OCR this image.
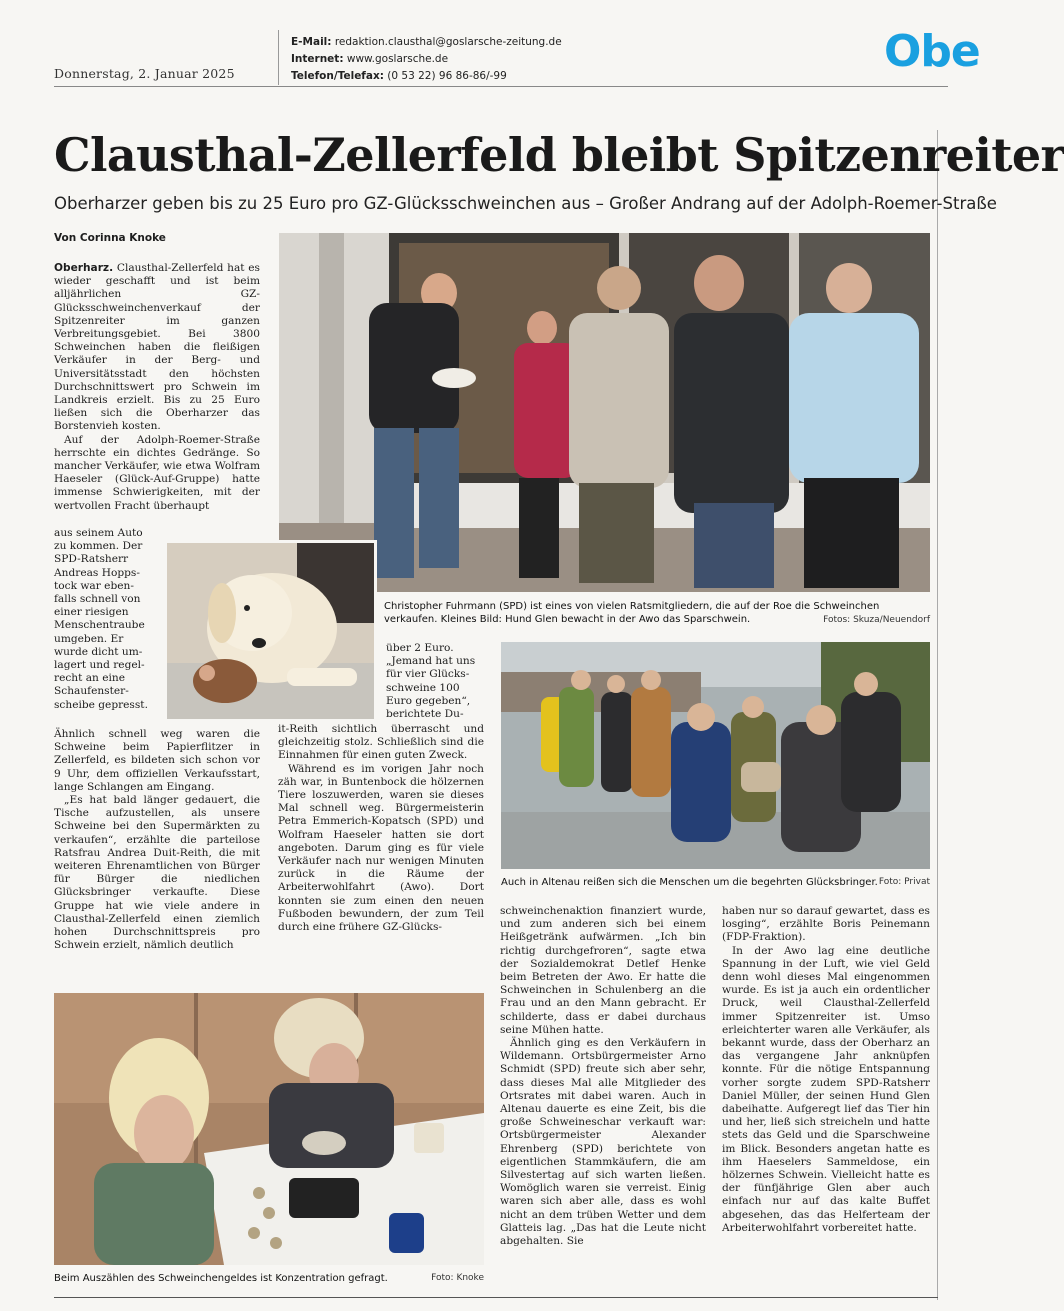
Donnerstag, 2. Januar 2025
E-Mail: redaktion.clausthal@goslarsche-zeitung.de
Internet: www.goslarsche.de
Telefon/Telefax: (0 53 22) 96 86-86/-99	Obe
Clausthal-Zellerfeld bleibt Spitzenreiter
Oberharzer geben bis zu 25 Euro pro GZ-Glücksschweinchen aus – Großer Andrang auf der Adolph-Roemer-Straße
Von Corinna Knoke
Christopher Fuhrmann (SPD) ist eines von vielen Ratsmitgliedern, die auf der Roe die Schweinchen verkaufen. Kleines Bild: Hund Glen bewacht in der Awo das Sparschwein.	Fotos: Skuza/Neuendorf
Auch in Altenau reißen sich die Menschen um die begehrten Glücksbringer. Foto: Privat
Beim Auszählen des Schweinchengeldes ist Konzentration gefragt.	Foto: Knoke

Oberharz. Clausthal-Zellerfeld hat es wieder geschafft und ist beim alljährlichen GZ-Glücksschweinchenverkauf der Spitzenreiter im ganzen Verbreitungsgebiet. Bei 3800 Schweinchen haben die fleißigen Verkäufer in der Berg- und Universitätsstadt den höchsten Durchschnittswert pro Schwein im Landkreis erzielt. Bis zu 25 Euro ließen sich die Oberharzer das Borstenvieh kosten.

Auf der Adolph-Roemer-Straße herrschte ein dichtes Gedränge. So mancher Verkäufer, wie etwa Wolfram Haeseler (Glück-Auf-Gruppe) hatte immense Schwierigkeiten, mit der wertvollen Fracht überhaupt

aus seinem Auto
zu kommen. Der
SPD-Ratsherr
Andreas Hopps-
tock war eben-
falls schnell von
einer riesigen
Menschentraube
umgeben. Er
wurde dicht um-
lagert und regel-
recht an eine
Schaufenster-
scheibe gepresst.

Ähnlich schnell weg waren die Schweine beim Papierflitzer in Zellerfeld, es bildeten sich schon vor 9 Uhr, dem offiziellen Verkaufsstart, lange Schlangen am Eingang.

„Es hat bald länger gedauert, die Tische aufzustellen, als unsere Schweine bei den Supermärkten zu verkaufen“, erzählte die parteilose Ratsfrau Andrea Duit-Reith, die mit weiteren Ehrenamtlichen von Bürger für Bürger die niedlichen Glücksbringer verkaufte. Diese Gruppe hat wie viele andere in Clausthal-Zellerfeld einen ziemlich hohen Durchschnittspreis pro Schwein erzielt, nämlich deutlich

über 2 Euro.
„Jemand hat uns
für vier Glücks-
schweine 100
Euro gegeben“,
berichtete Du-

it-Reith sichtlich überrascht und gleichzeitig stolz. Schließlich sind die Einnahmen für einen guten Zweck.

Während es im vorigen Jahr noch zäh war, in Buntenbock die hölzernen Tiere loszuwerden, waren sie dieses Mal schnell weg. Bürgermeisterin Petra Emmerich-Kopatsch (SPD) und Wolfram Haeseler hatten sie dort angeboten. Darum ging es für viele Verkäufer nach nur wenigen Minuten zurück in die Räume der Arbeiterwohlfahrt (Awo). Dort konnten sie zum einen den neuen Fußboden bewundern, der zum Teil durch eine frühere GZ-Glücks-

schweinchenaktion finanziert wurde, und zum anderen sich bei einem Heißgetränk aufwärmen. „Ich bin richtig durchgefroren“, sagte etwa der Sozialdemokrat Detlef Henke beim Betreten der Awo. Er hatte die Schweinchen in Schulenberg an die Frau und an den Mann gebracht. Er schilderte, dass er dabei durchaus seine Mühen hatte.

Ähnlich ging es den Verkäufern in Wildemann. Ortsbürgermeister Arno Schmidt (SPD) freute sich aber sehr, dass dieses Mal alle Mitglieder des Ortsrates mit dabei waren. Auch in Altenau dauerte es eine Zeit, bis die große Schweineschar verkauft war: Ortsbürgermeister Alexander Ehrenberg (SPD) berichtete von eigentlichen Stammkäufern, die am Silvestertag auf sich warten ließen. Womöglich waren sie verreist. Einig waren sich aber alle, dass es wohl nicht an dem trüben Wetter und dem Glatteis lag. „Das hat die Leute nicht abgehalten. Sie

haben nur so darauf gewartet, dass es losging“, erzählte Boris Peinemann (FDP-Fraktion).

In der Awo lag eine deutliche Spannung in der Luft, wie viel Geld denn wohl dieses Mal eingenommen wurde. Es ist ja auch ein ordentlicher Druck, weil Clausthal-Zellerfeld immer Spitzenreiter ist. Umso erleichterter waren alle Verkäufer, als bekannt wurde, dass der Oberharz an das vergangene Jahr anknüpfen konnte. Für die nötige Entspannung vorher sorgte zudem SPD-Ratsherr Daniel Müller, der seinen Hund Glen dabeihatte. Aufgeregt lief das Tier hin und her, ließ sich streicheln und hatte stets das Geld und die Sparschweine im Blick. Besonders angetan hatte es ihm Haeselers Sammeldose, ein hölzernes Schwein. Vielleicht hatte es der fünfjährige Glen aber auch einfach nur auf das kalte Buffet abgesehen, das das Helferteam der Arbeiterwohlfahrt vorbereitet hatte.
